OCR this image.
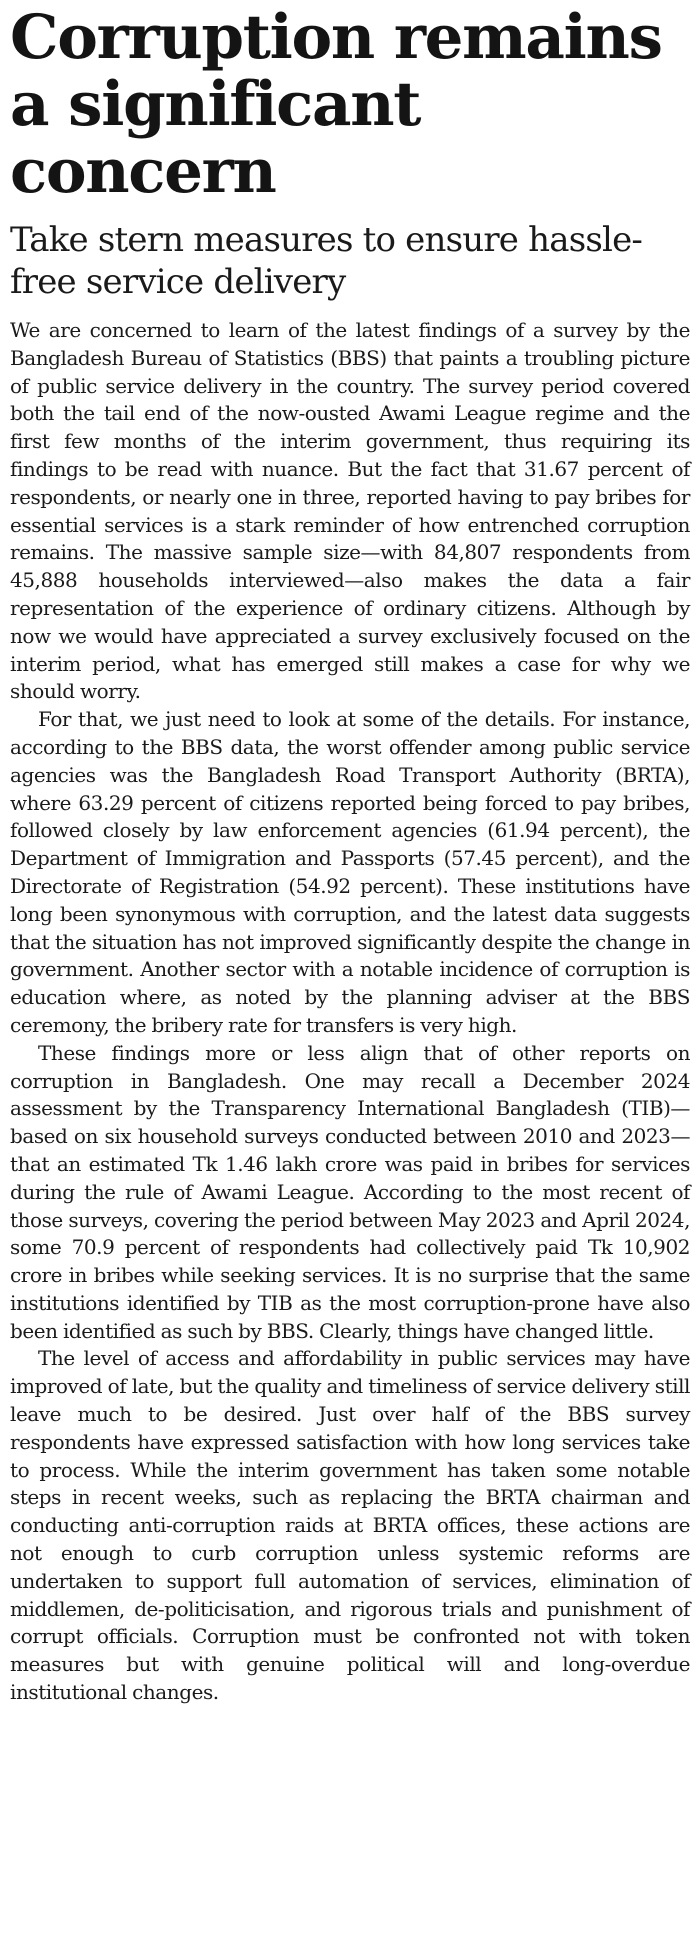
Corruption remains a significant concern
Take stern measures to ensure hassle-free service delivery

We are concerned to learn of the latest findings of a survey by the Bangladesh Bureau of Statistics (BBS) that paints a troubling picture of public service delivery in the country. The survey period covered both the tail end of the now-ousted Awami League regime and the first few months of the interim government, thus requiring its findings to be read with nuance. But the fact that 31.67 percent of respondents, or nearly one in three, reported having to pay bribes for essential services is a stark reminder of how entrenched corruption remains. The massive sample size—with 84,807 respondents from 45,888 households interviewed—also makes the data a fair representation of the experience of ordinary citizens. Although by now we would have appreciated a survey exclusively focused on the interim period, what has emerged still makes a case for why we should worry.

For that, we just need to look at some of the details. For instance, according to the BBS data, the worst offender among public service agencies was the Bangladesh Road Transport Authority (BRTA), where 63.29 percent of citizens reported being forced to pay bribes, followed closely by law enforcement agencies (61.94 percent), the Department of Immigration and Passports (57.45 percent), and the Directorate of Registration (54.92 percent). These institutions have long been synonymous with corruption, and the latest data suggests that the situation has not improved significantly despite the change in government. Another sector with a notable incidence of corruption is education where, as noted by the planning adviser at the BBS ceremony, the bribery rate for transfers is very high.

These findings more or less align that of other reports on corruption in Bangladesh. One may recall a December 2024 assessment by the Transparency International Bangladesh (TIB)—based on six household surveys conducted between 2010 and 2023—that an estimated Tk 1.46 lakh crore was paid in bribes for services during the rule of Awami League. According to the most recent of those surveys, covering the period between May 2023 and April 2024, some 70.9 percent of respondents had collectively paid Tk 10,902 crore in bribes while seeking services. It is no surprise that the same institutions identified by TIB as the most corruption-prone have also been identified as such by BBS. Clearly, things have changed little.

The level of access and affordability in public services may have improved of late, but the quality and timeliness of service delivery still leave much to be desired. Just over half of the BBS survey respondents have expressed satisfaction with how long services take to process. While the interim government has taken some notable steps in recent weeks, such as replacing the BRTA chairman and conducting anti-corruption raids at BRTA offices, these actions are not enough to curb corruption unless systemic reforms are undertaken to support full automation of services, elimination of middlemen, de-politicisation, and rigorous trials and punishment of corrupt officials. Corruption must be confronted not with token measures but with genuine political will and long-overdue institutional changes.
